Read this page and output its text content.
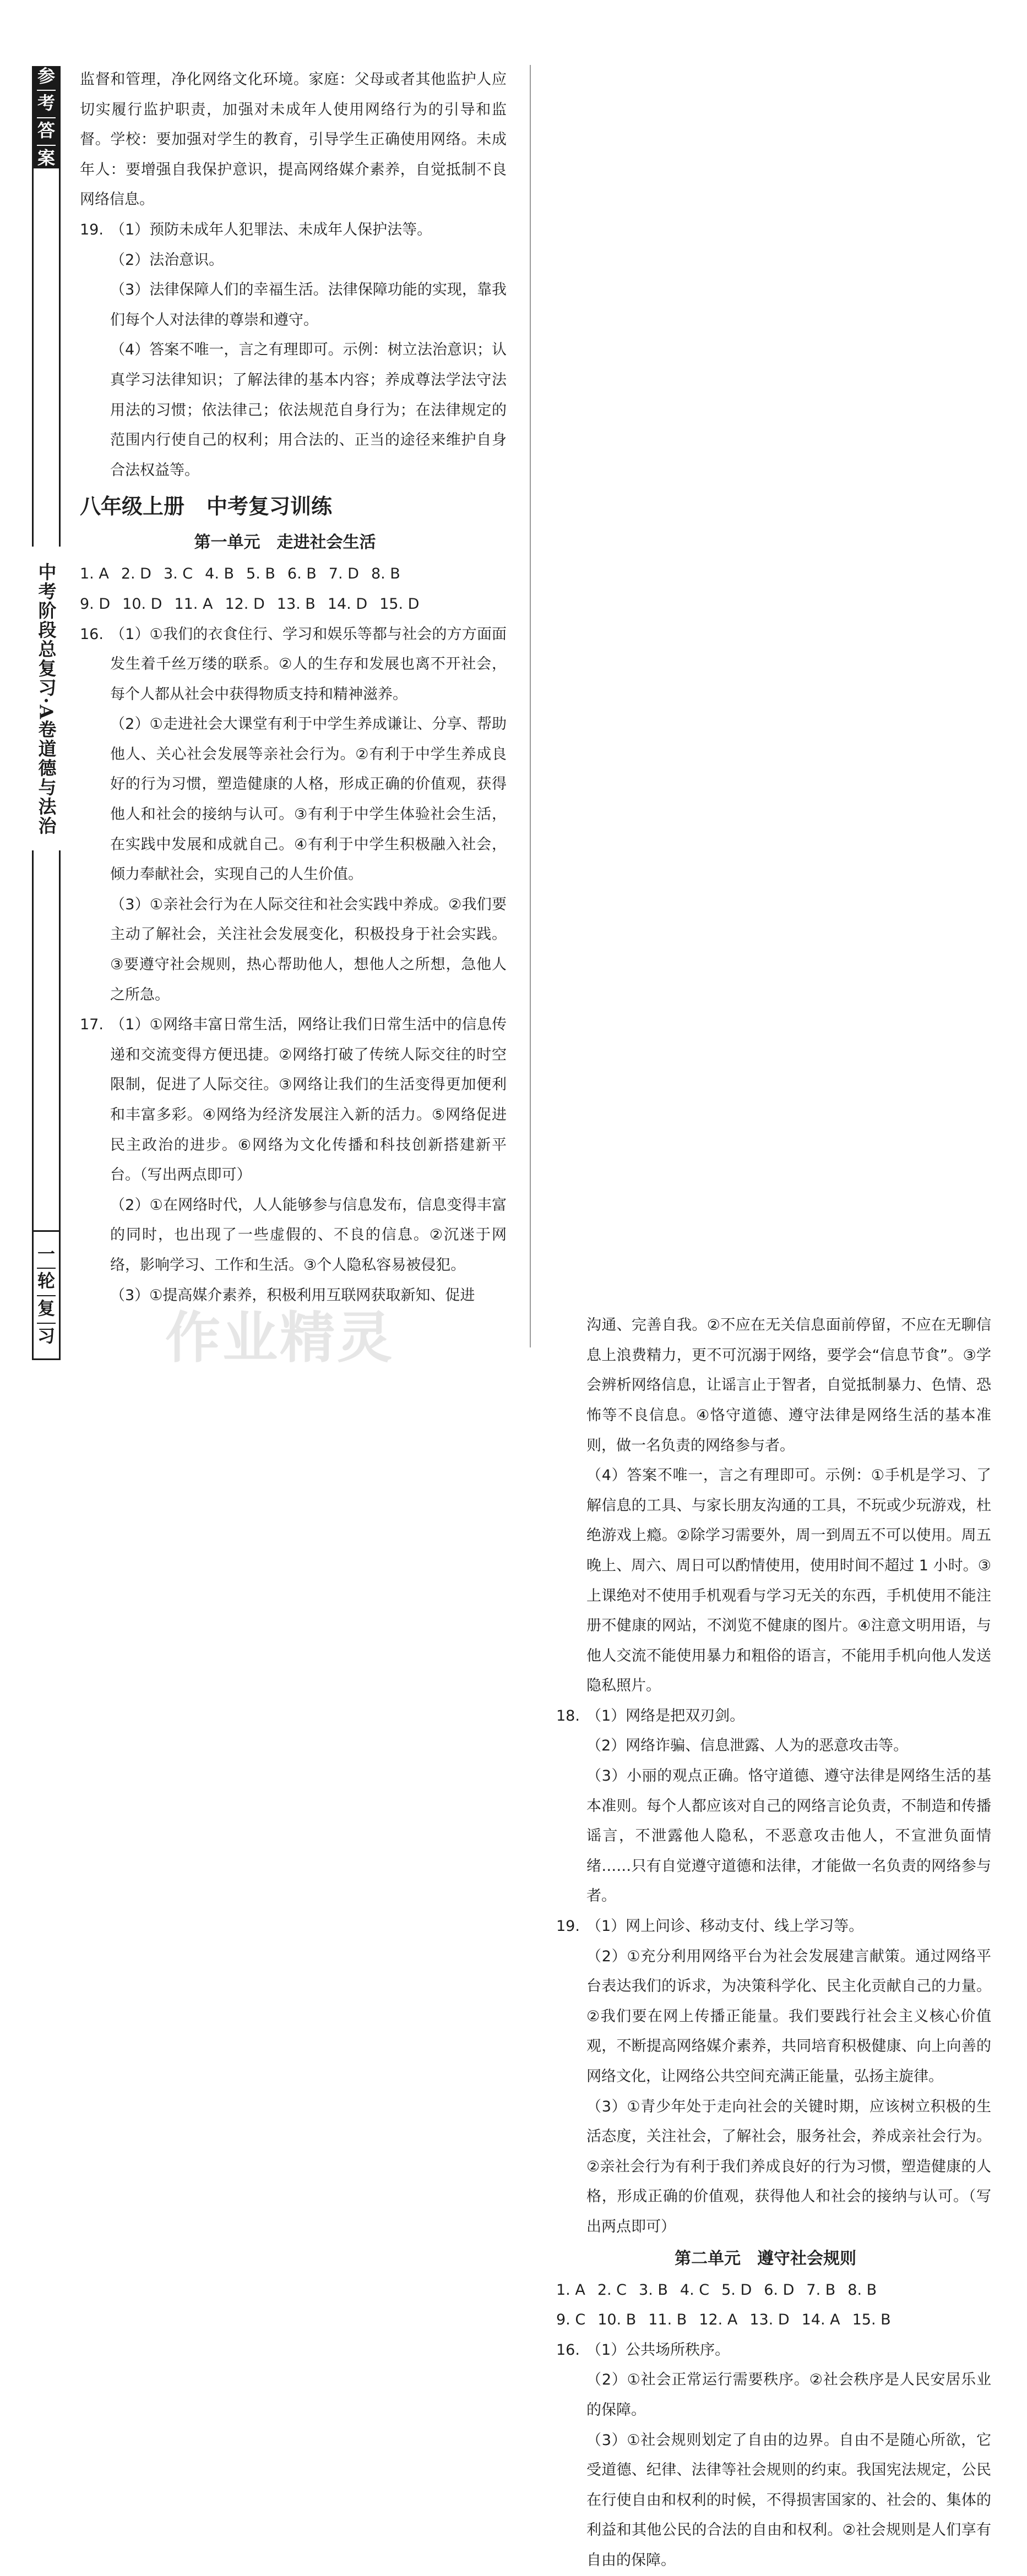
参
考
答
案
中考阶段总复习·A卷道德与法治
一
轮
复
习 作业精灵

监督和管理，净化网络文化环境。家庭：父母或者其他监护人应切实履行监护职责，加强对未成年人使用网络行为的引导和监督。学校：要加强对学生的教育，引导学生正确使用网络。未成年人：要增强自我保护意识，提高网络媒介素养，自觉抵制不良网络信息。

19. （1）预防未成年人犯罪法、未成年人保护法等。

（2）法治意识。

（3）法律保障人们的幸福生活。法律保障功能的实现，靠我们每个人对法律的尊崇和遵守。

（4）答案不唯一，言之有理即可。示例：树立法治意识；认真学习法律知识；了解法律的基本内容；养成尊法学法守法用法的习惯；依法律己；依法规范自身行为；在法律规定的范围内行使自己的权利；用合法的、正当的途径来维护自身合法权益等。

八年级上册 中考复习训练
第一单元 走进社会生活
1. A 2. D 3. C 4. B 5. B 6. B 7. D 8. B
9. D 10. D 11. A 12. D 13. B 14. D 15. D
16. （1）①我们的衣食住行、学习和娱乐等都与社会的方方面面发生着千丝万缕的联系。②人的生存和发展也离不开社会，每个人都从社会中获得物质支持和精神滋养。

（2）①走进社会大课堂有利于中学生养成谦让、分享、帮助他人、关心社会发展等亲社会行为。②有利于中学生养成良好的行为习惯，塑造健康的人格，形成正确的价值观，获得他人和社会的接纳与认可。③有利于中学生体验社会生活，在实践中发展和成就自己。④有利于中学生积极融入社会，倾力奉献社会，实现自己的人生价值。

（3）①亲社会行为在人际交往和社会实践中养成。②我们要主动了解社会，关注社会发展变化，积极投身于社会实践。③要遵守社会规则，热心帮助他人，想他人之所想，急他人之所急。

17. （1）①网络丰富日常生活，网络让我们日常生活中的信息传递和交流变得方便迅捷。②网络打破了传统人际交往的时空限制，促进了人际交往。③网络让我们的生活变得更加便利和丰富多彩。④网络为经济发展注入新的活力。⑤网络促进民主政治的进步。⑥网络为文化传播和科技创新搭建新平台。（写出两点即可）

（2）①在网络时代，人人能够参与信息发布，信息变得丰富的同时，也出现了一些虚假的、不良的信息。②沉迷于网络，影响学习、工作和生活。③个人隐私容易被侵犯。

（3）①提高媒介素养，积极利用互联网获取新知、促进

沟通、完善自我。②不应在无关信息面前停留，不应在无聊信息上浪费精力，更不可沉溺于网络，要学会“信息节食”。③学会辨析网络信息，让谣言止于智者，自觉抵制暴力、色情、恐怖等不良信息。④恪守道德、遵守法律是网络生活的基本准则，做一名负责的网络参与者。

（4）答案不唯一，言之有理即可。示例：①手机是学习、了解信息的工具、与家长朋友沟通的工具，不玩或少玩游戏，杜绝游戏上瘾。②除学习需要外，周一到周五不可以使用。周五晚上、周六、周日可以酌情使用，使用时间不超过 1 小时。③上课绝对不使用手机观看与学习无关的东西，手机使用不能注册不健康的网站，不浏览不健康的图片。④注意文明用语，与他人交流不能使用暴力和粗俗的语言，不能用手机向他人发送隐私照片。

18. （1）网络是把双刃剑。

（2）网络诈骗、信息泄露、人为的恶意攻击等。

（3）小丽的观点正确。恪守道德、遵守法律是网络生活的基本准则。每个人都应该对自己的网络言论负责，不制造和传播谣言，不泄露他人隐私，不恶意攻击他人，不宣泄负面情绪……只有自觉遵守道德和法律，才能做一名负责的网络参与者。

19. （1）网上问诊、移动支付、线上学习等。

（2）①充分利用网络平台为社会发展建言献策。通过网络平台表达我们的诉求，为决策科学化、民主化贡献自己的力量。②我们要在网上传播正能量。我们要践行社会主义核心价值观，不断提高网络媒介素养，共同培育积极健康、向上向善的网络文化，让网络公共空间充满正能量，弘扬主旋律。

（3）①青少年处于走向社会的关键时期，应该树立积极的生活态度，关注社会，了解社会，服务社会，养成亲社会行为。②亲社会行为有利于我们养成良好的行为习惯，塑造健康的人格，形成正确的价值观，获得他人和社会的接纳与认可。（写出两点即可）

第二单元 遵守社会规则
1. A 2. C 3. B 4. C 5. D 6. D 7. B 8. B
9. C 10. B 11. B 12. A 13. D 14. A 15. B
16. （1）公共场所秩序。

（2）①社会正常运行需要秩序。②社会秩序是人民安居乐业的保障。

（3）①社会规则划定了自由的边界。自由不是随心所欲，它受道德、纪律、法律等社会规则的约束。我国宪法规定，公民在行使自由和权利的时候，不得损害国家的、社会的、集体的利益和其他公民的合法的自由和权利。②社会规则是人们享有自由的保障。
